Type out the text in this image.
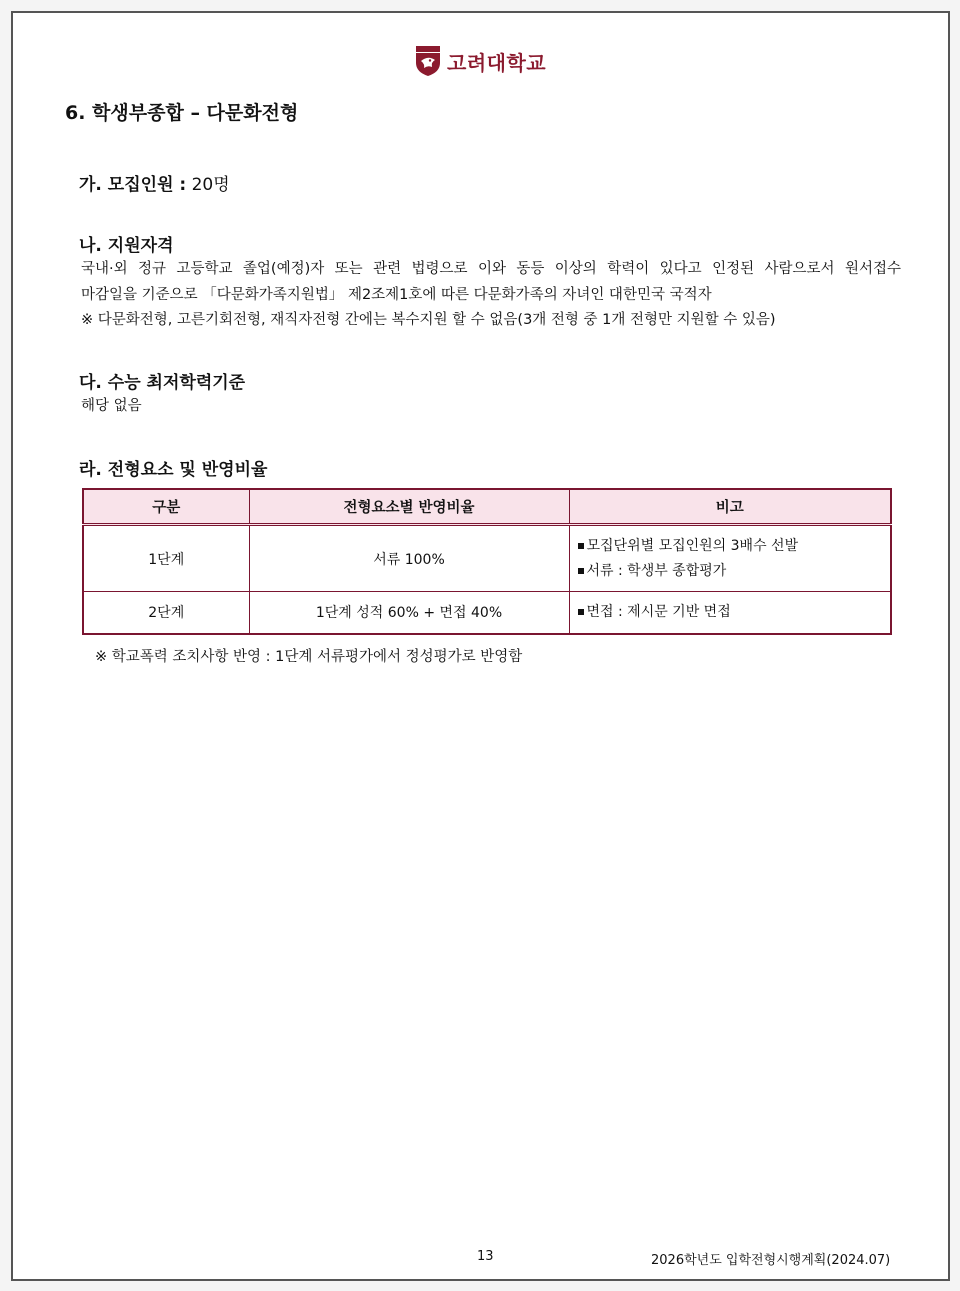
고려대학교
6. 학생부종합 – 다문화전형
가. 모집인원 : 20명
나. 지원자격

국내·외 정규 고등학교 졸업(예정)자 또는 관련 법령으로 이와 동등 이상의 학력이 있다고 인정된 사람으로서 원서접수

마감일을 기준으로 「다문화가족지원법」 제2조제1호에 따른 다문화가족의 자녀인 대한민국 국적자

※ 다문화전형, 고른기회전형, 재직자전형 간에는 복수지원 할 수 없음(3개 전형 중 1개 전형만 지원할 수 있음)

다. 수능 최저학력기준
해당 없음
라. 전형요소 및 반영비율
구분	전형요소별 반영비율	비고
1단계	서류 100%	모집단위별 모집인원의 3배수 선발
서류 : 학생부 종합평가

2단계	1단계 성적 60% + 면접 40%	면접 : 제시문 기반 면접
※ 학교폭력 조치사항 반영 : 1단계 서류평가에서 정성평가로 반영함
13	2026학년도 입학전형시행계획(2024.07)
